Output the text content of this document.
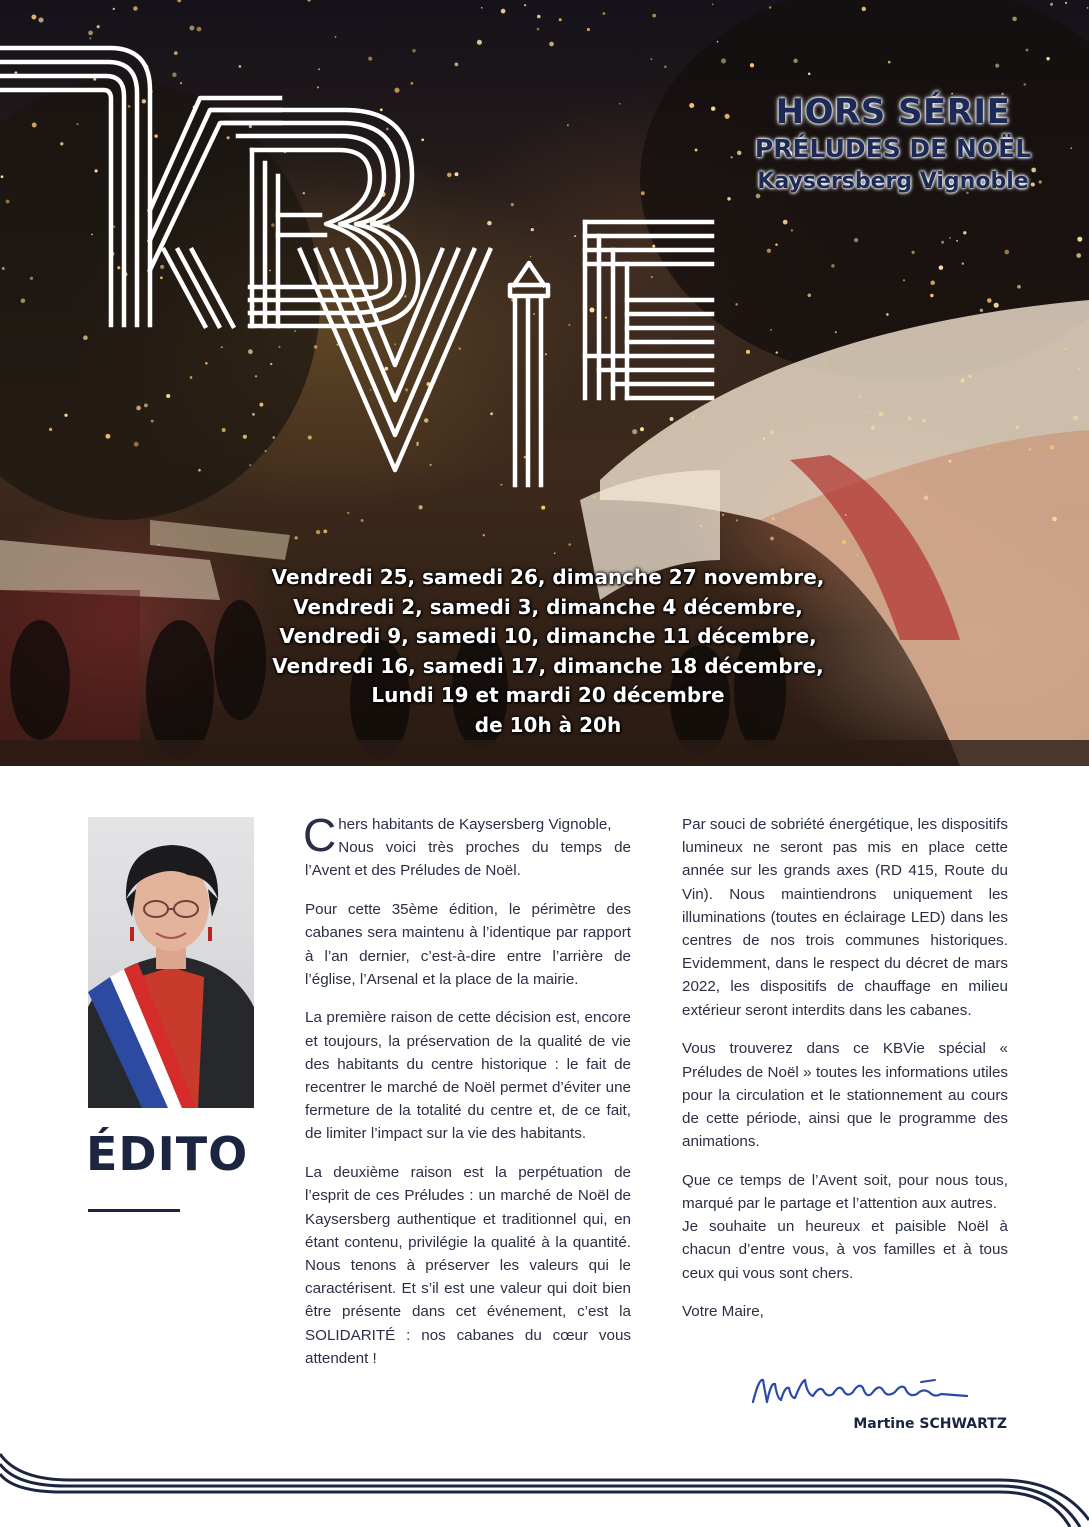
HORS SÉRIE
PRÉLUDES DE NOËL
Kaysersberg Vignoble
Vendredi 25, samedi 26, dimanche 27 novembre,
Vendredi 2, samedi 3, dimanche 4 décembre,
Vendredi 9, samedi 10, dimanche 11 décembre,
Vendredi 16, samedi 17, dimanche 18 décembre,
Lundi 19 et mardi 20 décembre
de 10h à 20h
ÉDITO

C hers habitants de Kaysersberg Vignoble,
Nous voici très proches du temps de l’Avent et des Préludes de Noël.

Pour cette 35ème édition, le périmètre des cabanes sera maintenu à l’identique par rapport à l’an dernier, c’est-à-dire entre l’arrière de l’église, l’Arsenal et la place de la mairie.

La première raison de cette décision est, encore et toujours, la préservation de la qualité de vie des habitants du centre historique : le fait de recentrer le marché de Noël permet d’éviter une fermeture de la totalité du centre et, de ce fait, de limiter l’impact sur la vie des habitants.

La deuxième raison est la perpétuation de l’esprit de ces Préludes : un marché de Noël de Kaysersberg authentique et traditionnel qui, en étant contenu, privilégie la qualité à la quantité. Nous tenons à préserver les valeurs qui le caractérisent. Et s’il est une valeur qui doit bien être présente dans cet événement, c’est la SOLIDARITÉ : nos cabanes du cœur vous attendent !

Par souci de sobriété énergétique, les dispositifs lumineux ne seront pas mis en place cette année sur les grands axes (RD 415, Route du Vin). Nous maintiendrons uniquement les illuminations (toutes en éclairage LED) dans les centres de nos trois communes historiques. Evidemment, dans le respect du décret de mars 2022, les dispositifs de chauffage en milieu extérieur seront interdits dans les cabanes.

Vous trouverez dans ce KBVie spécial « Préludes de Noël » toutes les informations utiles pour la circulation et le stationnement au cours de cette période, ainsi que le programme des animations.

Que ce temps de l’Avent soit, pour nous tous, marqué par le partage et l’attention aux autres.

Je souhaite un heureux et paisible Noël à chacun d’entre vous, à vos familles et à tous ceux qui vous sont chers.

Votre Maire,

Martine SCHWARTZ
